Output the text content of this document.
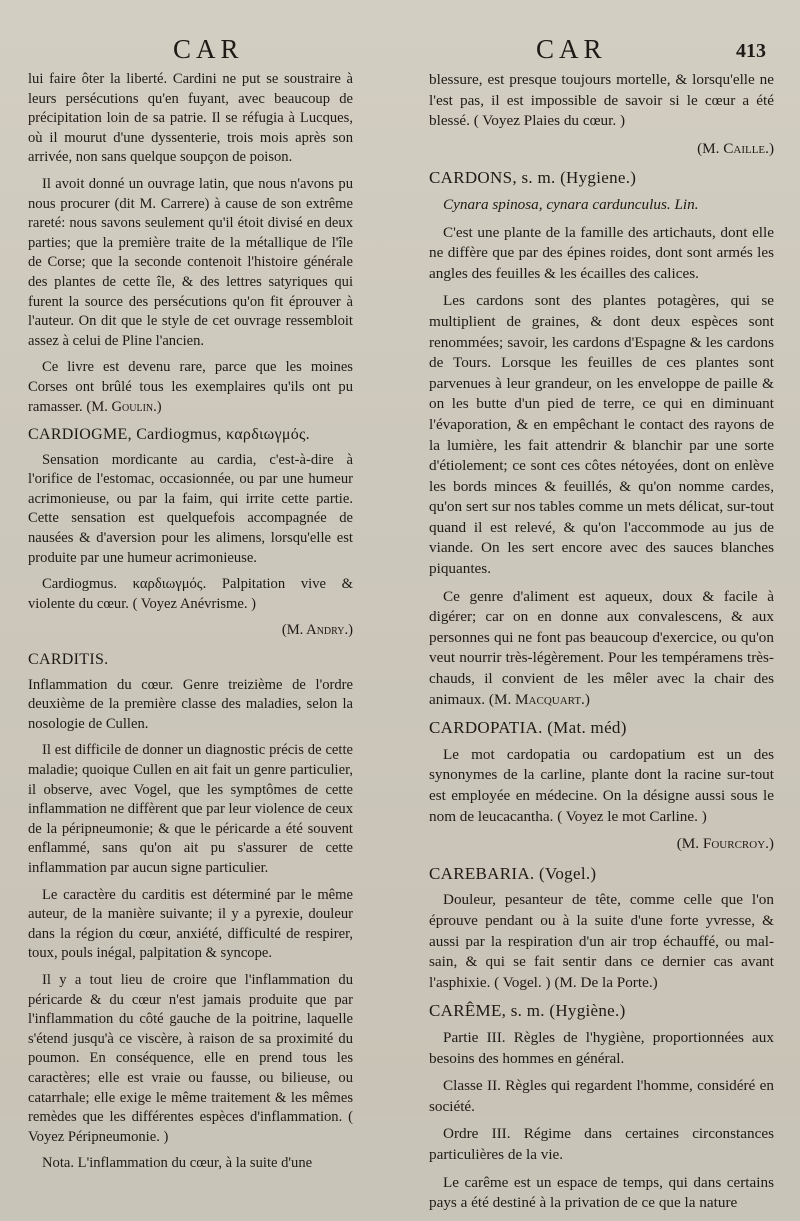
CAR	CAR	413

lui faire ôter la liberté. Cardini ne put se soustraire à leurs persécutions qu'en fuyant, avec beaucoup de précipitation loin de sa patrie. Il se réfugia à Lucques, où il mourut d'une dyssenterie, trois mois après son arrivée, non sans quelque soupçon de poison.

Il avoit donné un ouvrage latin, que nous n'avons pu nous procurer (dit M. Carrere) à cause de son extrême rareté: nous savons seulement qu'il étoit divisé en deux parties; que la première traite de la métallique de l'île de Corse; que la seconde contenoit l'histoire générale des plantes de cette île, & des lettres satyriques qui furent la source des persécutions qu'on fit éprouver à l'auteur. On dit que le style de cet ouvrage ressembloit assez à celui de Pline l'ancien.

Ce livre est devenu rare, parce que les moines Corses ont brûlé tous les exemplaires qu'ils ont pu ramasser. (M. Goulin.)

CARDIOGME, Cardiogmus, καρδιωγμός.

Sensation mordicante au cardia, c'est-à-dire à l'orifice de l'estomac, occasionnée, ou par une humeur acrimonieuse, ou par la faim, qui irrite cette partie. Cette sensation est quelquefois accompagnée de nausées & d'aversion pour les alimens, lorsqu'elle est produite par une humeur acrimonieuse.

Cardiogmus. καρδιωγμός. Palpitation vive & violente du cœur. ( Voyez Anévrisme. )

(M. Andry.)
CARDITIS.

Inflammation du cœur. Genre treizième de l'ordre deuxième de la première classe des maladies, selon la nosologie de Cullen.

Il est difficile de donner un diagnostic précis de cette maladie; quoique Cullen en ait fait un genre particulier, il observe, avec Vogel, que les symptômes de cette inflammation ne diffèrent que par leur violence de ceux de la péripneumonie; & que le péricarde a été souvent enflammé, sans qu'on ait pu s'assurer de cette inflammation par aucun signe particulier.

Le caractère du carditis est déterminé par le même auteur, de la manière suivante; il y a pyrexie, douleur dans la région du cœur, anxiété, difficulté de respirer, toux, pouls inégal, palpitation & syncope.

Il y a tout lieu de croire que l'inflammation du péricarde & du cœur n'est jamais produite que par l'inflammation du côté gauche de la poitrine, laquelle s'étend jusqu'à ce viscère, à raison de sa proximité du poumon. En conséquence, elle en prend tous les caractères; elle est vraie ou fausse, ou bilieuse, ou catarrhale; elle exige le même traitement & les mêmes remèdes que les différentes espèces d'inflammation. ( Voyez Péripneumonie. )

Nota. L'inflammation du cœur, à la suite d'une

blessure, est presque toujours mortelle, & lorsqu'elle ne l'est pas, il est impossible de savoir si le cœur a été blessé. ( Voyez Plaies du cœur. )

(M. Caille.)
CARDONS, s. m. (Hygiene.)

Cynara spinosa, cynara cardunculus. Lin.

C'est une plante de la famille des artichauts, dont elle ne diffère que par des épines roides, dont sont armés les angles des feuilles & les écailles des calices.

Les cardons sont des plantes potagères, qui se multiplient de graines, & dont deux espèces sont renommées; savoir, les cardons d'Espagne & les cardons de Tours. Lorsque les feuilles de ces plantes sont parvenues à leur grandeur, on les enveloppe de paille & on les butte d'un pied de terre, ce qui en diminuant l'évaporation, & en empêchant le contact des rayons de la lumière, les fait attendrir & blanchir par une sorte d'étiolement; ce sont ces côtes nétoyées, dont on enlève les bords minces & feuillés, & qu'on nomme cardes, qu'on sert sur nos tables comme un mets délicat, sur-tout quand il est relevé, & qu'on l'accommode au jus de viande. On les sert encore avec des sauces blanches piquantes.

Ce genre d'aliment est aqueux, doux & facile à digérer; car on en donne aux convalescens, & aux personnes qui ne font pas beaucoup d'exercice, ou qu'on veut nourrir très-légèrement. Pour les tempéramens très-chauds, il convient de les mêler avec la chair des animaux. (M. Macquart.)

CARDOPATIA. (Mat. méd)

Le mot cardopatia ou cardopatium est un des synonymes de la carline, plante dont la racine sur-tout est employée en médecine. On la désigne aussi sous le nom de leucacantha. ( Voyez le mot Carline. )

(M. Fourcroy.)
CAREBARIA. (Vogel.)

Douleur, pesanteur de tête, comme celle que l'on éprouve pendant ou à la suite d'une forte yvresse, & aussi par la respiration d'un air trop échauffé, ou mal-sain, & qui se fait sentir dans ce dernier cas avant l'asphixie. ( Vogel. ) (M. De la Porte.)

CARÊME, s. m. (Hygiène.)

Partie III. Règles de l'hygiène, proportionnées aux besoins des hommes en général.

Classe II. Règles qui regardent l'homme, considéré en société.

Ordre III. Régime dans certaines circonstances particulières de la vie.

Le carême est un espace de temps, qui dans certains pays a été destiné à la privation de ce que la nature
